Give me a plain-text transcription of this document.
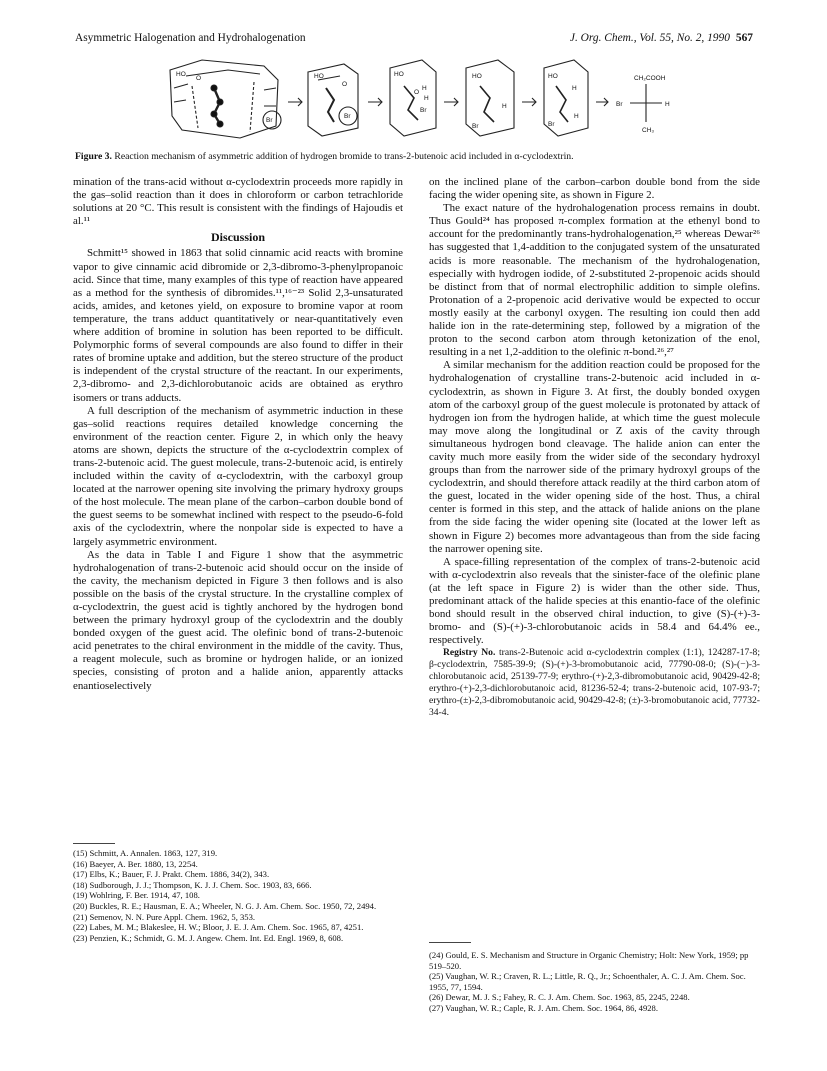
Asymmetric Halogenation and Hydrohalogenation	J. Org. Chem., Vol. 55, No. 2, 1990 567
HO
O	HO
O
Br
Br
HO
H
O
H
Br
Br
HO
H
HO
H
Br
H
CH₂COOH
Br	H
CH₃
Figure 3. Reaction mechanism of asymmetric addition of hydrogen bromide to trans-2-butenoic acid included in α-cyclodextrin.

mination of the trans-acid without α-cyclodextrin proceeds more rapidly in the gas–solid reaction than it does in chloroform or carbon tetrachloride solutions at 20 °C. This result is consistent with the findings of Hajoudis et al.¹¹

Discussion

Schmitt¹⁵ showed in 1863 that solid cinnamic acid reacts with bromine vapor to give cinnamic acid dibromide or 2,3-dibromo-3-phenylpropanoic acid. Since that time, many examples of this type of reaction have appeared as a method for the synthesis of dibromides.¹¹,¹⁶⁻²³ Solid 2,3-unsaturated acids, amides, and ketones yield, on exposure to bromine vapor at room temperature, the trans adduct quantitatively or near-quantitatively even where addition of bromine in solution has been reported to be difficult. Polymorphic forms of several compounds are also found to differ in their rates of bromine uptake and addition, but the stereo structure of the product is independent of the crystal structure of the reactant. In our experiments, 2,3-dibromo- and 2,3-dichlorobutanoic acids are obtained as erythro isomers or trans adducts.

A full description of the mechanism of asymmetric induction in these gas–solid reactions requires detailed knowledge concerning the environment of the reaction center. Figure 2, in which only the heavy atoms are shown, depicts the structure of the α-cyclodextrin complex of trans-2-butenoic acid. The guest molecule, trans-2-butenoic acid, is entirely included within the cavity of α-cyclodextrin, with the carboxyl group located at the narrower opening site involving the primary hydroxy groups of the host molecule. The mean plane of the carbon–carbon double bond of the guest seems to be somewhat inclined with respect to the pseudo-6-fold axis of the cyclodextrin, where the nonpolar side is expected to have a largely asymmetric environment.

As the data in Table I and Figure 1 show that the asymmetric hydrohalogenation of trans-2-butenoic acid should occur on the inside of the cavity, the mechanism depicted in Figure 3 then follows and is also possible on the basis of the crystal structure. In the crystalline complex of α-cyclodextrin, the guest acid is tightly anchored by the hydrogen bond between the primary hydroxyl group of the cyclodextrin and the doubly bonded oxygen of the guest acid. The olefinic bond of trans-2-butenoic acid penetrates to the chiral environment in the middle of the cavity. Thus, a reagent molecule, such as bromine or hydrogen halide, or an ionized species, consisting of proton and a halide anion, apparently attacks enantioselectively

on the inclined plane of the carbon–carbon double bond from the side facing the wider opening site, as shown in Figure 2.

The exact nature of the hydrohalogenation process remains in doubt. Thus Gould²⁴ has proposed π-complex formation at the ethenyl bond to account for the predominantly trans-hydrohalogenation,²⁵ whereas Dewar²⁶ has suggested that 1,4-addition to the conjugated system of the unsaturated acids is more reasonable. The mechanism of the hydrohalogenation, especially with hydrogen iodide, of 2-substituted 2-propenoic acids should be distinct from that of normal electrophilic addition to simple olefins. Protonation of a 2-propenoic acid derivative would be expected to occur mostly easily at the carbonyl oxygen. The resulting ion could then add halide ion in the rate-determining step, followed by a migration of the proton to the second carbon atom through ketonization of the enol, resulting in a net 1,2-addition to the olefinic π-bond.²⁶,²⁷

A similar mechanism for the addition reaction could be proposed for the hydrohalogenation of crystalline trans-2-butenoic acid included in α-cyclodextrin, as shown in Figure 3. At first, the doubly bonded oxygen atom of the carboxyl group of the guest molecule is protonated by attack of hydrogen ion from the hydrogen halide, at which time the guest molecule may move along the longitudinal or Z axis of the cavity through simultaneous hydrogen bond cleavage. The halide anion can enter the cavity much more easily from the wider side of the secondary hydroxyl groups than from the narrower side of the primary hydroxyl groups of the cyclodextrin, and should therefore attack readily at the third carbon atom of the guest, located in the wider opening side of the host. Thus, a chiral center is formed in this step, and the attack of halide anions on the plane from the side facing the wider opening site (located at the lower left as shown in Figure 2) becomes more advantageous than from the side facing the narrower opening site.

A space-filling representation of the complex of trans-2-butenoic acid with α-cyclodextrin also reveals that the sinister-face of the olefinic plane (at the left space in Figure 2) is wider than the other side. Thus, predominant attack of the halide species at this enantio-face of the olefinic bond should result in the observed chiral induction, to give (S)-(+)-3-bromo- and (S)-(+)-3-chlorobutanoic acids in 58.4 and 64.4% ee., respectively.

Registry No. trans-2-Butenoic acid α-cyclodextrin complex (1:1), 124287-17-8; β-cyclodextrin, 7585-39-9; (S)-(+)-3-bromobutanoic acid, 77790-08-0; (S)-(−)-3-chlorobutanoic acid, 25139-77-9; erythro-(+)-2,3-dibromobutanoic acid, 90429-42-8; erythro-(+)-2,3-dichlorobutanoic acid, 81236-52-4; trans-2-butenoic acid, 107-93-7; erythro-(±)-2,3-dibromobutanoic acid, 90429-42-8; (±)-3-bromobutanoic acid, 77732-34-4.

(15) Schmitt, A. Annalen. 1863, 127, 319.

(16) Baeyer, A. Ber. 1880, 13, 2254.

(17) Elbs, K.; Bauer, F. J. Prakt. Chem. 1886, 34(2), 343.

(18) Sudborough, J. J.; Thompson, K. J. J. Chem. Soc. 1903, 83, 666.

(19) Wohlring, F. Ber. 1914, 47, 108.

(20) Buckles, R. E.; Hausman, E. A.; Wheeler, N. G. J. Am. Chem. Soc. 1950, 72, 2494.

(21) Semenov, N. N. Pure Appl. Chem. 1962, 5, 353.

(22) Labes, M. M.; Blakeslee, H. W.; Bloor, J. E. J. Am. Chem. Soc. 1965, 87, 4251.

(23) Penzien, K.; Schmidt, G. M. J. Angew. Chem. Int. Ed. Engl. 1969, 8, 608.

(24) Gould, E. S. Mechanism and Structure in Organic Chemistry; Holt: New York, 1959; pp 519–520.

(25) Vaughan, W. R.; Craven, R. L.; Little, R. Q., Jr.; Schoenthaler, A. C. J. Am. Chem. Soc. 1955, 77, 1594.

(26) Dewar, M. J. S.; Fahey, R. C. J. Am. Chem. Soc. 1963, 85, 2245, 2248.

(27) Vaughan, W. R.; Caple, R. J. Am. Chem. Soc. 1964, 86, 4928.
